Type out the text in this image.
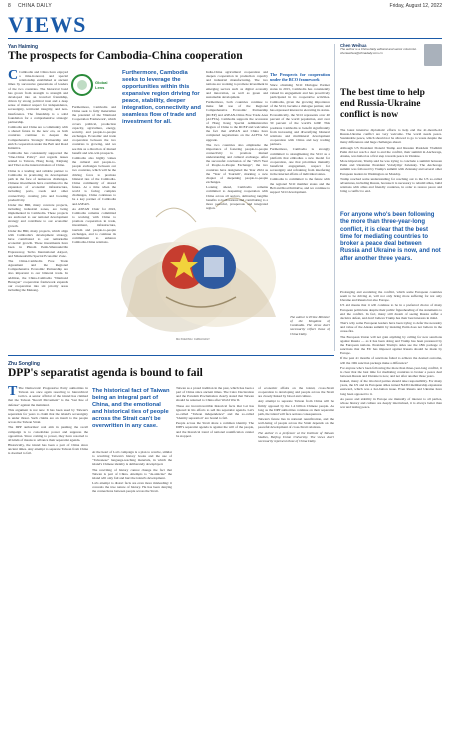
8 CHINA DAILY	Friday, August 12, 2022
VIEWS
Yan Haiming
The prospects for Cambodia-China cooperation

C Cambodia and China have enjoyed a time-honored, and special relationship established at ancient times by successive generations of leaders of the two countries. The historical bond has grown from strength to strength and developed into an ironclad friendship, driven by strong political trust and a deep sense of mutual respect for independence, sovereignty, territorial integrity, and non-interference. The friendship is a solid foundation for a comprehensive strategic partnership.

Cambodia and China are a community with a shared future in the new era, as both countries continue to deepen the Comprehensive Strategic Partnership and enrich cooperation under the Belt and Road Initiative.

Cambodia has consistently supported the "One-China Policy" and regards issues related to Taiwan, Hong Kong, Xinjiang and Tibet as the internal matters of China.

China is a leading and reliable partner to Cambodia in promoting its development path in the face of numerous challenges. Chinese investments have contributed to the expansion of economic infrastructure, including ports, roads and other connectivity, creating jobs and boosting productivity.

Under the BRI, many concrete projects, including industrial zones, are being implemented in Cambodia. These projects are anchored to our national development strategy and contribute to our economic growth.

Under the BRI, many projects, which align with Cambodia's development strategy, have contributed to our remarkable economic growth. These investments have been in Phnom Penh-Sihanoukville Expressway, Techo International Airport, and Sihanoukville Special Economic Zone.

The China-Cambodia Free Trade Agreement and the Regional Comprehensive Economic Partnership are also important to our bilateral trade. In addition, the China-Cambodia "Diamond Hexagon" cooperation framework expands our cooperation into six priority areas including the Mekong.

Global Lens
Furthermore, Cambodia seeks to leverage the opportunities within this expansive region driving for peace, stability, deeper integration, connectivity and seamless flow of trade and investment for all.

Furthermore, Cambodia and China seek to fully materialize the potential of the 'Diamond Cooperation Framework', which covers political, production capacity, agriculture, energy, security, and people-to-people exchanges. Economic and trade cooperation between the two countries is growing, and we see this as a direction of mutual benefit and win-win prospects.

Cambodia also highly values the cultural and people-to-people exchanges between our two countries, which will be the driving force to promote bilateral ties of the Cambodia-China community of shared future. At a time when the world is facing complex challenges, China continues to be a key partner of Cambodia and ASEAN.

As ASEAN Chair for 2022, Cambodia remains committed to working with China to promote cooperation in trade, investment, infrastructure, tourism and people-to-people exchanges, and to continue its commitment to enhance Cambodia-China relations.

MA XUEJING / CHINA DAILY

India-China agricultural cooperation and deepen cooperation in production capacity and industrial manufacturing. The two nations are working to promote investment in emerging sectors such as digital economy and innovation, as well as green and sustainable development.

Furthermore, both countries continue to make full use of the Regional Comprehensive Economic Partnership (RCEP) and ASEAN-China Free Trade Area (ACFTA). Cambodia supports the accession of Hong Kong Special Administrative Region of China to the RCEP and welcomes the fact that ASEAN and China have completed negotiations on the ACFTA 3.0 upgrade.

The two countries also emphasize the importance of fostering people-to-people connectivity to promote mutual understanding and cultural exchange. After the successful conclusion of the "2023 Year of People-to-People Exchange", the two countries have designated the Year 2024 as the "Year of Tourism", marking a new chapter of deepening people-to-people exchanges.

Looking ahead, Cambodia remains committed to deepening cooperation with China across all sectors, delivering tangible benefits to both nations and contributing to a more peaceful, prosperous and integrated region.

The Prospects for cooperation under the BCO framework

Since obtaining SCO Dialogue Partner status in 2015, Cambodia has consistently valued its engagement and has proactively participated in its cooperative activities. Cambodia, given the growing importance of the SCO, became a dialogue partner, and has expressed interest in elevating its status.

Economically, the SCO represents over 40 percent of the world population, and over 30 percent of the world's GDP. This positions Cambodia to benefit significantly from increasing and diversifying bilateral relations and multilateral development cooperation with China and key trading partners.

Furthermore, Cambodia is strongly committed to strengthening the SCO as a platform that embodies a new model for cooperation, one that prioritizes mutually beneficial engagement, respect for sovereignty and refraining from interfering in the internal affairs of individual states.

Cambodia is committed to the future with the regional SCO member states and the Belt and Road Initiative, and we continue to support SCO development.

The author is Prime Minister of the Kingdom of Cambodia. The views don't necessarily reflect those of China Daily.
Chen Weihua
The author is a China Daily editorial and senior columnist. chenweihua@chinadaily.com.cn
The best time to help end Russia-Ukraine conflict is now

The latest intensive diplomatic efforts to help end the 41-month-old Russia-Ukraine conflict are very welcome. The world needs peace. Sustainable peace, which should not be allowed to go to waste despite the many differences and huge challenges ahead.

Although US President Donald Trump and Russian President Vladimir Putin did not reach a deal to end the conflict, their summit in Anchorage, Alaska, was hailed as a first step towards peace in Ukraine.

More important, Trump said he was trying to conclude a summit between Putin and Ukrainian President Volodymyr Zelensky. The Anchorage summit was followed by Trump's summit with Zelensky and several other European leaders in Washington on Monday.

Trump reached some understanding for reaching out to the US so-called adventures, including Russia, because it is necessary to rebuild allies, build relations with allies and friendly countries, in order to restore peace and bring a conflict to end.

For anyone who's been following the more than three-year-long conflict, it is clear that the best time for mediating countries to broker a peace deal between Russia and Ukraine is now, and not after another three years.

Prolonging and escalating the conflict, which some European countries seem to be driving at, will not only bring more suffering for not only Ukraine and Russia but also Europe.

US aid means that it will continue to be in a preferred choice of many European politicians despite their public figureheading of the statements to end the conflict. In fact, many still dream of seeing Russia suffer a decisive defeat, and don't believe Trump has their best interests in mind.

That's why some European leaders have been trying to defer the necessity and value of the Alaska summit by insisting Putin does not believe in the cease-fire.

The European Union will not gain anything by calling for new sanctions against Russia — as it has been doing and Trump has been pressured by the European nations. President Trump's aides see the 18th package of sanctions that the EU has imposed against Russia should be made by Europe.

If the past 41 months of sanctions failed to achieve the desired outcome, will the 19th sanction package make a difference?

For anyone who's been following the more than three-year-long conflict, it is clear that the best time for mediating countries to broker a peace deal between Russia and Ukraine is now, and not after another three years.

Indeed, many of the involved parties should take responsibility. For many years, the US and its European allies turned NATO membership expansion eastward, which was a hot-button issue. Even Russia and Ukraine have long been opposed to it.

As peace and stability in Europe are mutually of interest to all parties, whose history and culture are deeply intertwined, it is always better than war and lasting peace.

Zhu Songling
DPP's separatist agenda is bound to fail

T The Democratic Progressive Party authorities in Taiwan are once again resorting to hierarchical tactics. A senior official of the island has claimed that the Taiwan "Recall Movement" is the "last line of defense" against the mainland.

This argument is not new. It has been used by Taiwan's separatists for years to claim that the island's sovereignty is under threat. Such claims are an insult to the people across the Taiwan Strait.

The DPP authorities' real aim in pushing the recall campaign is to consolidate power and suppress the opposition. Since coming to power, they have resorted to all kinds of means to advance their separatist agenda.

Historically, the island has been a part of China since ancient times. Any attempt to separate Taiwan from China is doomed to fail.

The historical fact of Taiwan being an integral part of China, and the emotional and historical ties of people across the Strait can't be overwritten in any case.

At the heart of Lai's campaign is a plan to rewrite, similar to rewriting Taiwan's history books and the use of "Taiwanese" language-teaching materials, in which the island's Chinese identity is deliberately downplayed.

The rewriting of history cannot change the fact that Taiwan is part of China. Attempts to "de-sinicize" the island will only fail and hurt the island's development.

Lai's attempt to distort facts are even more misleading: it conceals the true nature of history. He has been denying the connections between people across the Strait.

Taiwan as a proud tradition in the past, which has been a part of China since ancient times. The Cairo Declaration and the Potsdam Proclamation clearly stated that Taiwan should be returned to China after World War II.

These are incontrovertible historical facts that Lai has ignored in his efforts to sell his separatist agenda. Lai's so-called "Taiwan independence" and the so-called "identity separation" are bound to fail.

People across the Strait share a common identity. The DPP's separatist agenda is against the will of the people, and the historical trend of national reunification cannot be stopped.

of economic affairs on the island, cross-Strait cooperation is developing and people across the Strait are closely linked by blood and culture.

Any attempt to separate Taiwan from China will be firmly opposed by the 1.4 billion Chinese people. As long as the DPP authorities continue on their separatist path, the island will face serious consequences.

Taiwan's future lies in national reunification, and the well-being of people across the Strait depends on the peaceful development of cross-Strait relations.

The author is a professor at the Institute of Taiwan Studies, Beijing Union University. The views don't necessarily represent those of China Daily.
